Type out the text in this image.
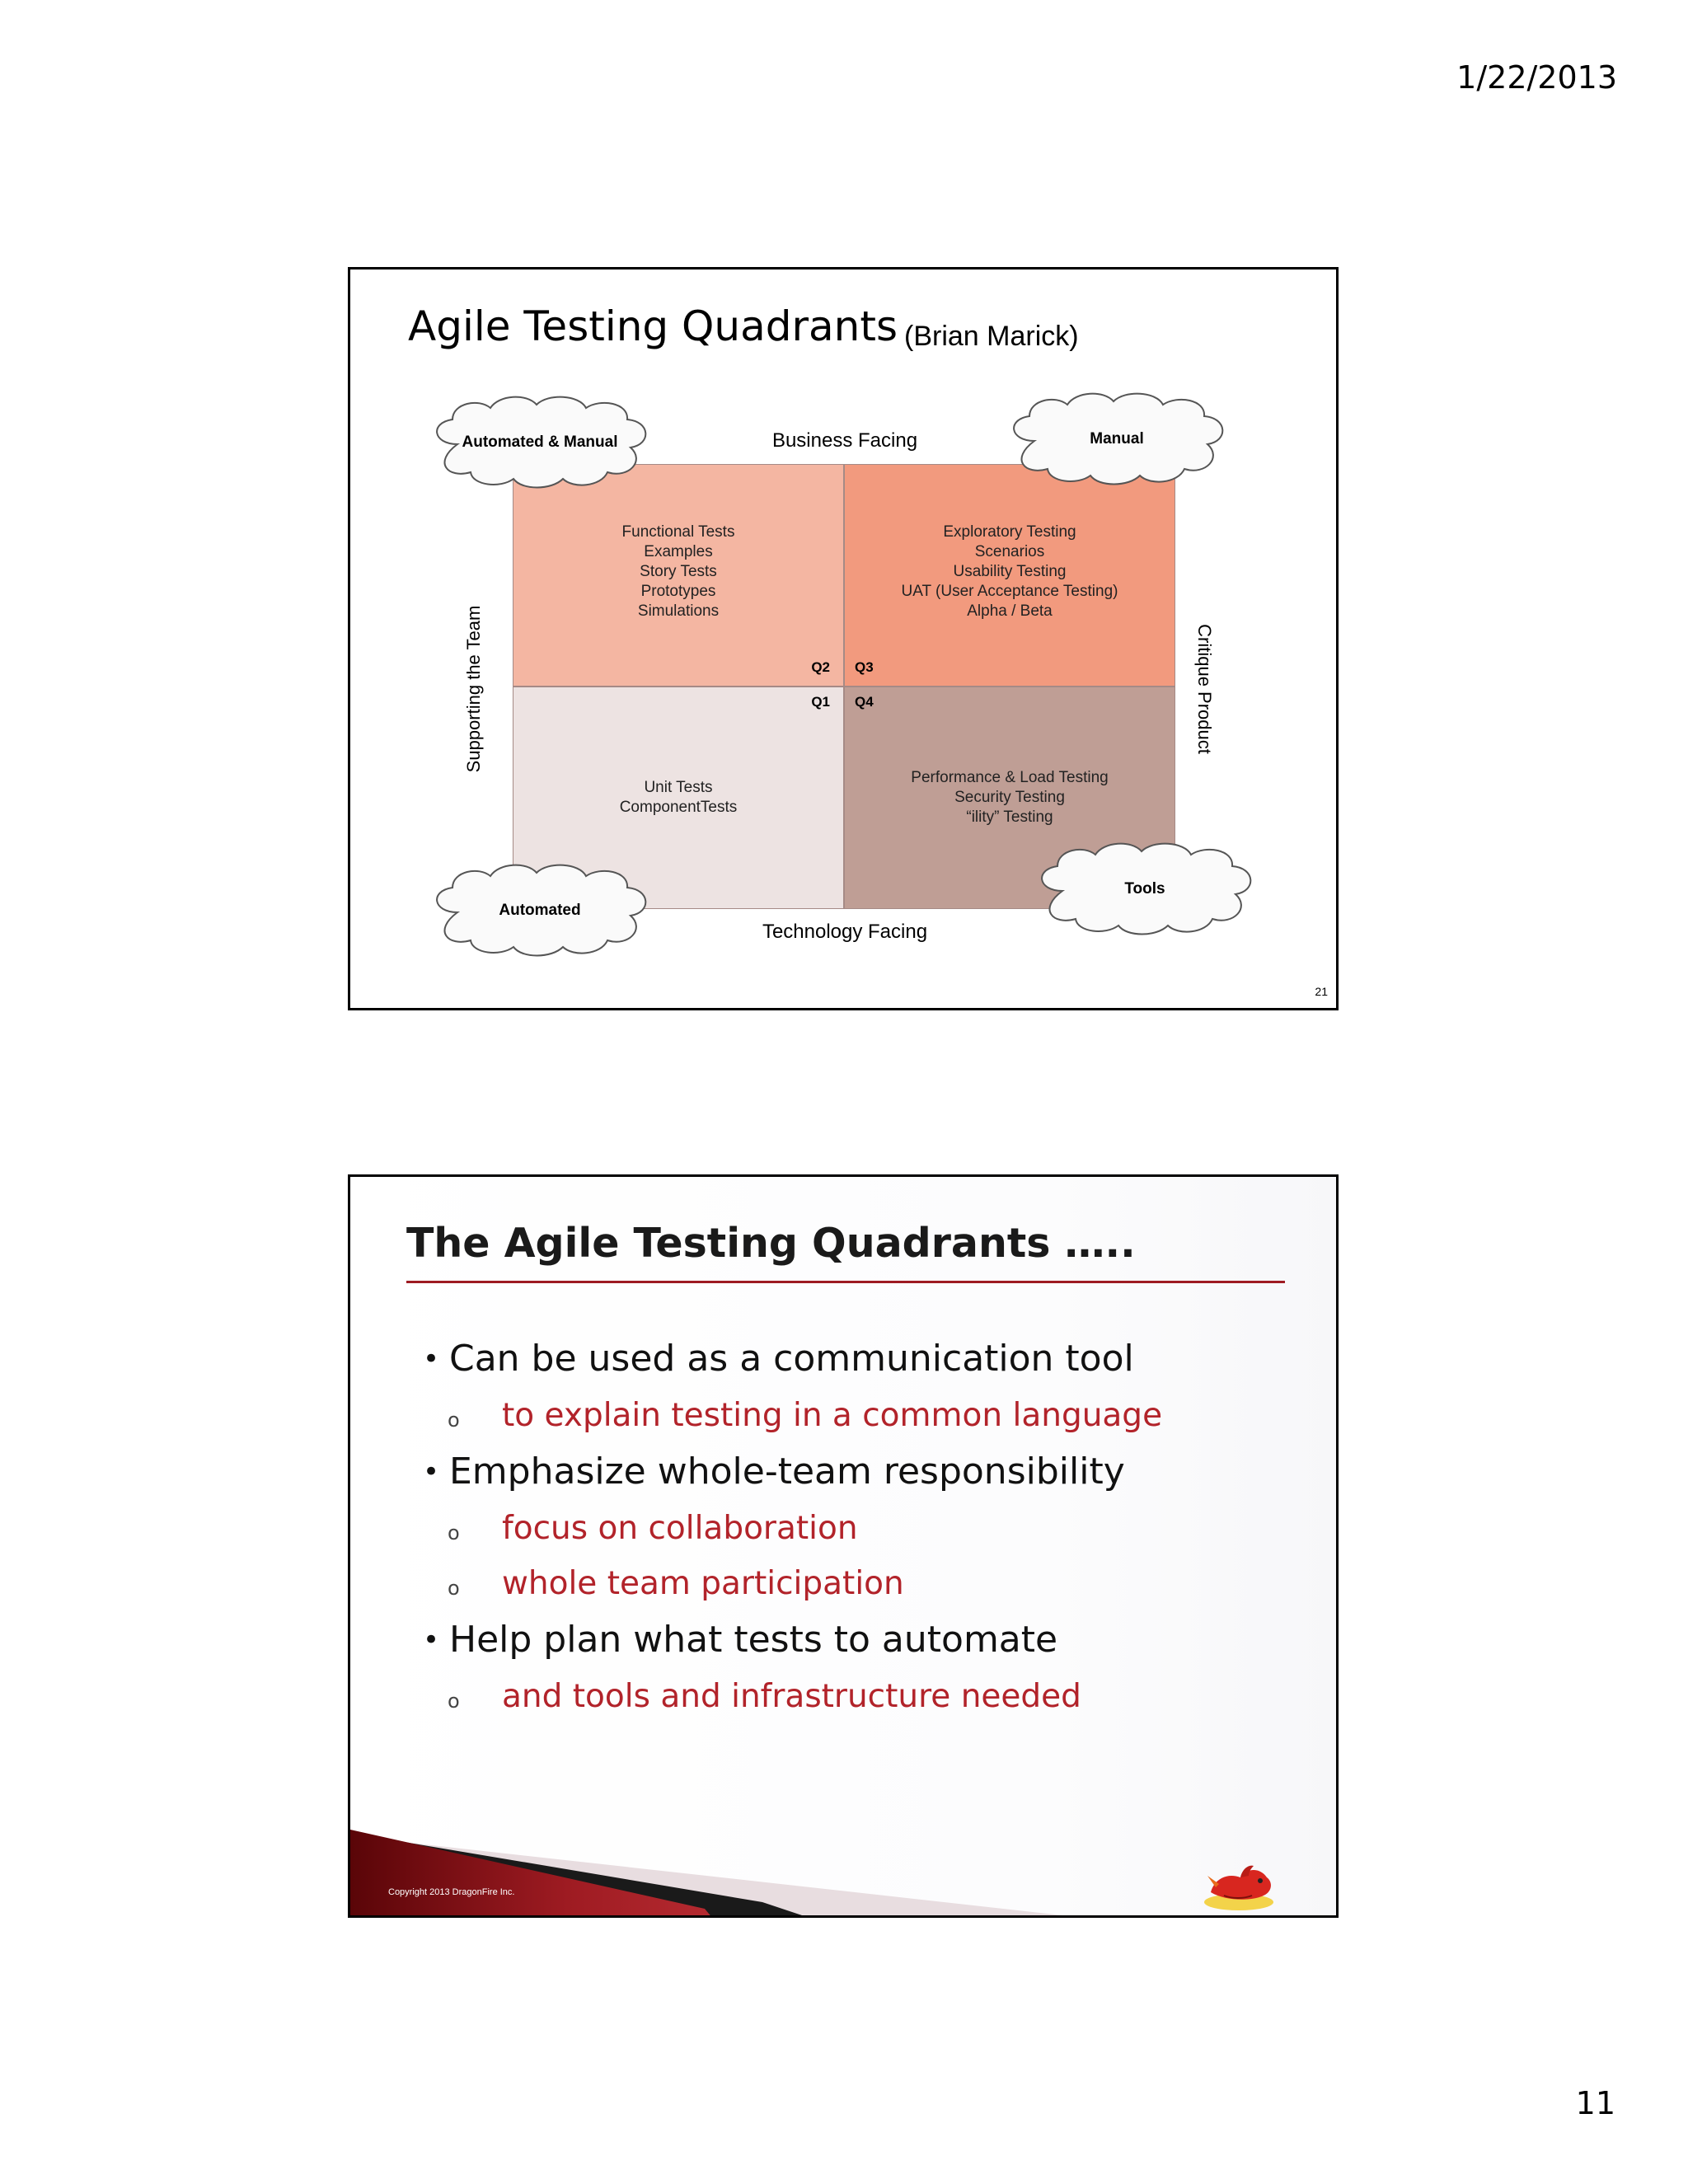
1/22/2013
Agile Testing Quadrants (Brian Marick)
Functional Tests
Examples
Story Tests
Prototypes
Simulations
Q2
Exploratory Testing
Scenarios
Usability Testing
UAT (User Acceptance Testing)
Alpha / Beta
Q3
Unit Tests
ComponentTests
Q1
Performance & Load Testing
Security Testing
“ility” Testing
Q4
Business Facing
Technology Facing
Supporting the Team	Critique Product
Automated & Manual	Manual
Automated
Tools
21
The Agile Testing Quadrants …..
• Can be used as a communication tool
o to explain testing in a common language
• Emphasize whole-team responsibility
o focus on collaboration
o whole team participation
• Help plan what tests to automate
o and tools and infrastructure needed
Copyright 2013 DragonFire Inc.
11
